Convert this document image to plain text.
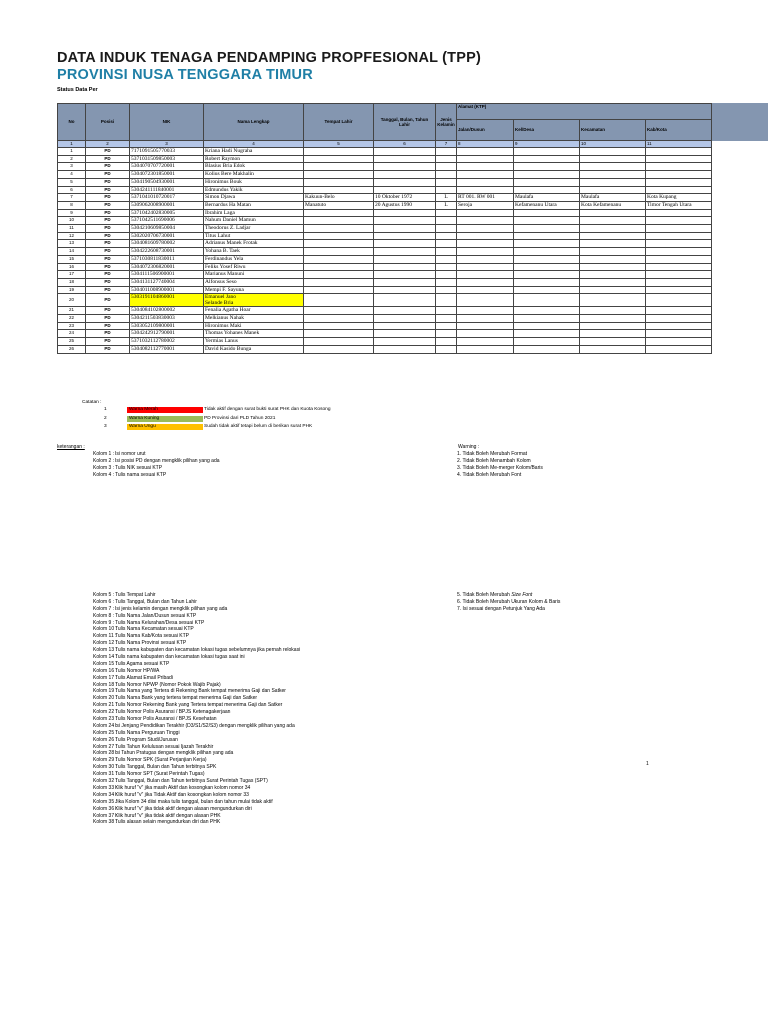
DATA INDUK TENAGA PENDAMPING PROPFESIONAL (TPP)
PROVINSI NUSA TENGGARA TIMUR
Status Data Per
No	Posisi	NIK	Nama Lengkap	Tempat Lahir	Tanggal, Bulan, Tahun Lahir	Jenis Kelamin	Alamat (KTP)			
							Jalan/Dusun	Kel/Desa	Kecamatan	Kab/Kota
1	2	3	4	5	6	7	8	9	10	11
1	PD	7171091505770033	Kriana Hadi Nugraha							
2	PD	5371031509850003	Robert Raymon							
3	PD	5304070707720001	Blasius Bria Edok							
4	PD	5304072301850001	Kolius Bere Makhalin							
5	PD	5304190504930001	Hironimus Bouk							
6	PD	5304241111840001	Edmundus Yakik							
7	PD	5371041010720017	Simon Djawa	Kakuun-Belo	10 Oktober 1972	L	RT 001. RW 001	Maulafa	Maulafa	Kota Kupang
8	PD	5309062008900001	Bernardus Ha Matan	Manatuto	20 Agustus 1990	L	Seroja	Kefamenanu Utara	Kota Kefamenanu	Timor Tengah Utara
9	PD	5371042402830005	Ibrahim Laga							
10	PD	5371042511690006	Nahum Daniel Mamun							
11	PD	5304210609850004	Theodorus Z. Ladjar							
12	PD	5302020706730001	Titus Lahut							
13	PD	5304081609780002	Adrianus Manek Frotak							
14	PD	5304222608730001	Yohana B. Taek							
15	PD	5371030811830011	Ferdinandus Yela							
16	PD	5304072306820001	Feliks Yosef Riwu							
17	PD	5304111506900001	Marianus Manuni							
18	PD	5304131127740004	Alfonsus Seso							
19	PD	5304011008900001	Mempi F. Sayuna							
20	PD	5303191104860001	Emanuel Jano
Selande Bria							

21	PD	5304084102800002	Fenalia Agatha Hoar							
22	PD	5304211503830003	Melkianus Nahak							
23	PD	5303052109800001	Hironimus Maki							
24	PD	5304242912790001	Thomas Yohanes Manek							
25	PD	5371032112780002	Yermias Lanus							
26	PD	5304082112770001	David Kasido Bunga							
Catatan :
1	Warna Merah	Tidak aktif dengan surat bukti surat PHK dan Kuota Kosong
2	Warna Kuning	PD Provinsi dari PLD Tahun 2021
3	Warna Ungu	Sudah tidak aktif tetapi belum di berikan surat PHK
keterangan :	Warning :
Kolom 1 : Isi nomor urut
Kolom 2 : Isi posisi PD dengan mengklik pilihan yang ada
Kolom 3 : Tulis NIK sesuai KTP
Kolom 4 : Tulis nama sesuai KTP
1. Tidak Boleh Merubah Format
2. Tidak Boleh Menambah Kolom
3. Tidak Boleh Me-merger Kolom/Baris
4. Tidak Boleh Merubah Font
Kolom 5 : Tulis Tempat Lahir
Kolom 6 : Tulis Tanggal, Bulan dan Tahun Lahir
Kolom 7 : Isi jenis kelamin dengan mengklik pilihan yang ada
Kolom 8 : Tulis Nama Jalan/Dusun sesuai KTP
Kolom 9 : Tulis Nama Kelurahan/Desa sesuai KTP
Kolom 10 :
Tulis Nama Kecamatan sesuai KTP
Kolom 11 :
Tulis Nama Kab/Kota sesuai KTP
Kolom 12 :
Tulis Nama Provinsi sesuai KTP
Kolom 13 :
Tulis nama kabupaten dan kecamatan lokasi tugas sebelumnya jika pernah relokasi
Kolom 14 :
Tulis nama kabupaten dan kecamatan lokasi tugas saat ini
Kolom 15 :
Tulis Agama sesuai KTP
Kolom 16 :
Tulis Nomor HP/WA
Kolom 17 :
Tulis Alamat Email Pribadi
Kolom 18 :
Tulis Nomor NPWP (Nomor Pokok Wajib Pajak)
Kolom 19 :
Tulis Nama yang Tertera di Rekening Bank tempat menerima Gaji dan Satker
Kolom 20 :
Tulis Nama Bank yang tertera tempat menerima Gaji dan Satker
Kolom 21 :
Tulis Nomor Rekening Bank yang Tertera tempat menerima Gaji dan Satker
Kolom 22 :
Tulis Nomor Polis Asuransi / BPJS Ketenagakerjaan
Kolom 23 :
Tulis Nomor Polis Asuransi / BPJS Kesehatan
Kolom 24 :
Isi Jenjang Pendidikan Terakhir (D3/S1/S2/S3) dengan mengklik pilihan yang ada
Kolom 25 :
Tulis Nama Perguruan Tinggi
Kolom 26 :
Tulis Program Studi/Jurusan
Kolom 27 :
Tulis Tahun Kelulusan sesuai Ijazah Terakhir
Kolom 28 :
Isi Tahun Pratugas dengan mengklik pilihan yang ada
Kolom 29 :
Tulis Nomor SPK (Surat Perjanjian Kerja)
Kolom 30 :
Tulis Tanggal, Bulan dan Tahun terbitnya SPK
Kolom 31 :
Tulis Nomor SPT (Surat Perintah Tugas)
Kolom 32 :
Tulis Tanggal, Bulan dan Tahun terbitnya Surat Perintah Tugas (SPT)
Kolom 33 :
Klik huruf "v" jika masih Aktif dan kosongkan kolom nomor 34
Kolom 34 :
Klik huruf "v" jika Tidak Aktif dan kosongkan kolom nomor 33
Kolom 35 :
Jika Kolom 34 diisi maka tulis tanggal, bulan dan tahun mulai tidak aktif
Kolom 36 :
Klik huruf "v" jika tidak aktif dengan alasan mengundurkan diri
Kolom 37 :
Klik huruf "v" jika tidak aktif dengan alasan PHK
Kolom 38 :
Tulis alasan selain mengundurkan diri dan PHK
5. Tidak Boleh Merubah Size Font
6. Tidak Boleh Merubah Ukuran Kolom & Baris
7. Isi sesuai dengan Petunjuk Yang Ada
1
